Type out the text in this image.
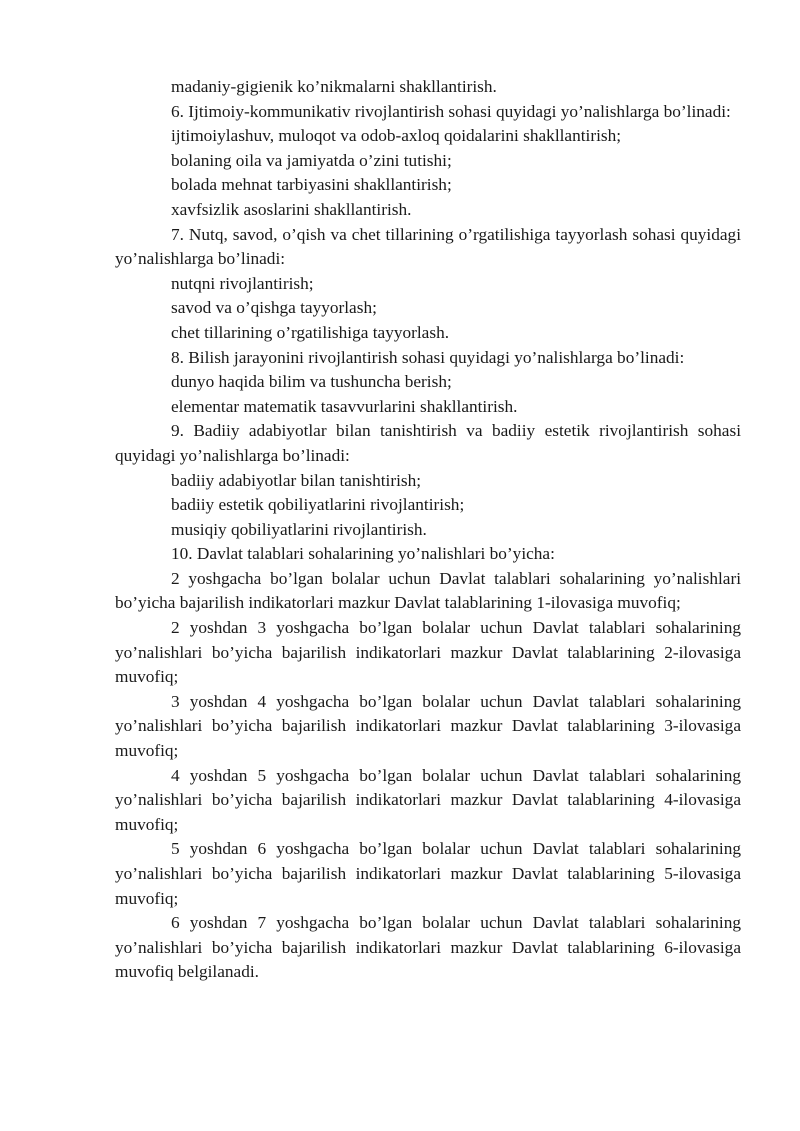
madaniy-gigienik ko’nikmalarni shakllantirish.

6. Ijtimoiy-kommunikativ rivojlantirish sohasi quyidagi yo’nalishlarga bo’linadi:

ijtimoiylashuv, muloqot va odob-axloq qoidalarini shakllantirish;

bolaning oila va jamiyatda o’zini tutishi;

bolada mehnat tarbiyasini shakllantirish;

xavfsizlik asoslarini shakllantirish.

7. Nutq, savod, o’qish va chet tillarining o’rgatilishiga tayyorlash sohasi quyidagi yo’nalishlarga bo’linadi:

nutqni rivojlantirish;

savod va o’qishga tayyorlash;

chet tillarining o’rgatilishiga tayyorlash.

8. Bilish jarayonini rivojlantirish sohasi quyidagi yo’nalishlarga bo’linadi:

dunyo haqida bilim va tushuncha berish;

elementar matematik tasavvurlarini shakllantirish.

9. Badiiy adabiyotlar bilan tanishtirish va badiiy estetik rivojlantirish sohasi quyidagi yo’nalishlarga bo’linadi:

badiiy adabiyotlar bilan tanishtirish;

badiiy estetik qobiliyatlarini rivojlantirish;

musiqiy qobiliyatlarini rivojlantirish.

10. Davlat talablari sohalarining yo’nalishlari bo’yicha:

2 yoshgacha bo’lgan bolalar uchun Davlat talablari sohalarining yo’nalishlari bo’yicha bajarilish indikatorlari mazkur Davlat talablarining 1-ilovasiga muvofiq;

2 yoshdan 3 yoshgacha bo’lgan bolalar uchun Davlat talablari sohalarining yo’nalishlari bo’yicha bajarilish indikatorlari mazkur Davlat talablarining 2-ilovasiga muvofiq;

3 yoshdan 4 yoshgacha bo’lgan bolalar uchun Davlat talablari sohalarining yo’nalishlari bo’yicha bajarilish indikatorlari mazkur Davlat talablarining 3-ilovasiga muvofiq;

4 yoshdan 5 yoshgacha bo’lgan bolalar uchun Davlat talablari sohalarining yo’nalishlari bo’yicha bajarilish indikatorlari mazkur Davlat talablarining 4-ilovasiga muvofiq;

5 yoshdan 6 yoshgacha bo’lgan bolalar uchun Davlat talablari sohalarining yo’nalishlari bo’yicha bajarilish indikatorlari mazkur Davlat talablarining 5-ilovasiga muvofiq;

6 yoshdan 7 yoshgacha bo’lgan bolalar uchun Davlat talablari sohalarining yo’nalishlari bo’yicha bajarilish indikatorlari mazkur Davlat talablarining 6-ilovasiga muvofiq belgilanadi.
